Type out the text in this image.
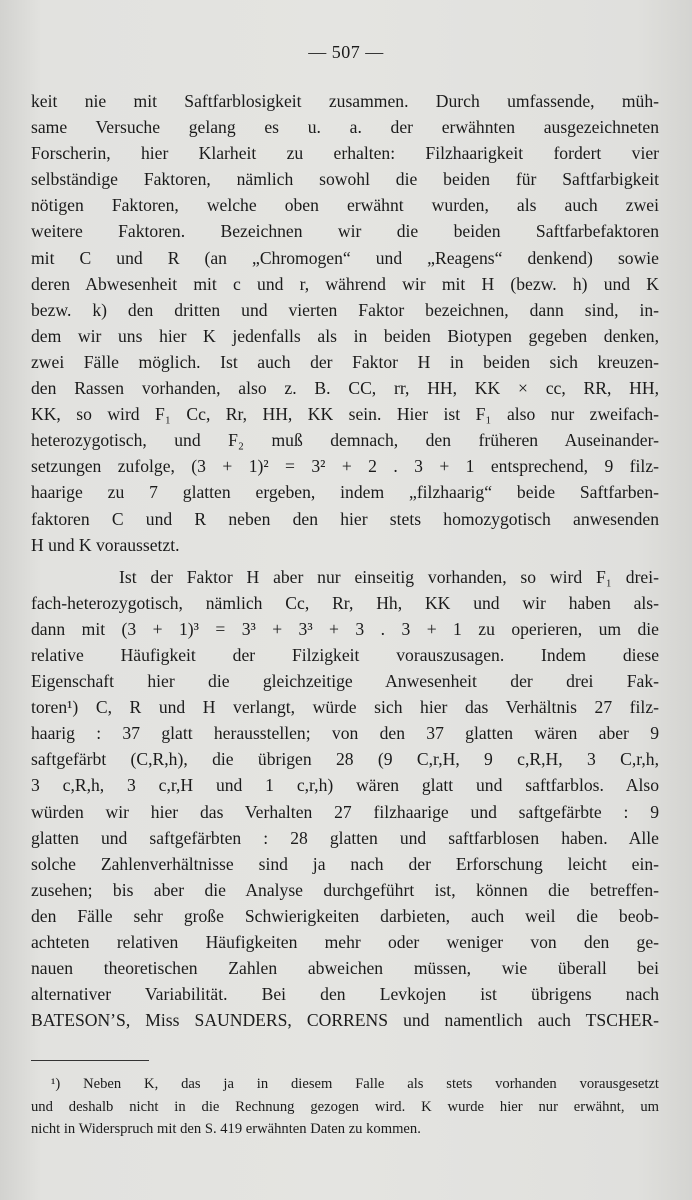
— 507 —

keit nie mit Saftfarblosigkeit zusammen. Durch umfassende, müh-
same Versuche gelang es u. a. der erwähnten ausgezeichneten
Forscherin, hier Klarheit zu erhalten: Filzhaarigkeit fordert vier
selbständige Faktoren, nämlich sowohl die beiden für Saftfarbigkeit
nötigen Faktoren, welche oben erwähnt wurden, als auch zwei
weitere Faktoren. Bezeichnen wir die beiden Saftfarbefaktoren
mit C und R (an „Chromogen“ und „Reagens“ denkend) sowie
deren Abwesenheit mit c und r, während wir mit H (bezw. h) und K
bezw. k) den dritten und vierten Faktor bezeichnen, dann sind, in-
dem wir uns hier K jedenfalls als in beiden Biotypen gegeben denken,
zwei Fälle möglich. Ist auch der Faktor H in beiden sich kreuzen-
den Rassen vorhanden, also z. B. CC, rr, HH, KK × cc, RR, HH,
KK, so wird F₁ Cc, Rr, HH, KK sein. Hier ist F₁ also nur zweifach-
heterozygotisch, und F₂ muß demnach, den früheren Auseinander-
setzungen zufolge, (3 + 1)² = 3² + 2 . 3 + 1 entsprechend, 9 filz-
haarige zu 7 glatten ergeben, indem „filzhaarig“ beide Saftfarben-
faktoren C und R neben den hier stets homozygotisch anwesenden
H und K voraussetzt.

Ist der Faktor H aber nur einseitig vorhanden, so wird F₁ drei-
fach-heterozygotisch, nämlich Cc, Rr, Hh, KK und wir haben als-
dann mit (3 + 1)³ = 3³ + 3³ + 3 . 3 + 1 zu operieren, um die
relative Häufigkeit der Filzigkeit vorauszusagen. Indem diese
Eigenschaft hier die gleichzeitige Anwesenheit der drei Fak-
toren¹) C, R und H verlangt, würde sich hier das Verhältnis 27 filz-
haarig : 37 glatt herausstellen; von den 37 glatten wären aber 9
saftgefärbt (C,R,h), die übrigen 28 (9 C,r,H, 9 c,R,H, 3 C,r,h,
3 c,R,h, 3 c,r,H und 1 c,r,h) wären glatt und saftfarblos. Also
würden wir hier das Verhalten 27 filzhaarige und saftgefärbte : 9
glatten und saftgefärbten : 28 glatten und saftfarblosen haben. Alle
solche Zahlenverhältnisse sind ja nach der Erforschung leicht ein-
zusehen; bis aber die Analyse durchgeführt ist, können die betreffen-
den Fälle sehr große Schwierigkeiten darbieten, auch weil die beob-
achteten relativen Häufigkeiten mehr oder weniger von den ge-
nauen theoretischen Zahlen abweichen müssen, wie überall bei
alternativer Variabilität. Bei den Levkojen ist übrigens nach
BATESON’S, Miss SAUNDERS, CORRENS und namentlich auch TSCHER-

¹) Neben K, das ja in diesem Falle als stets vorhanden vorausgesetzt
und deshalb nicht in die Rechnung gezogen wird. K wurde hier nur erwähnt, um
nicht in Widerspruch mit den S. 419 erwähnten Daten zu kommen.
